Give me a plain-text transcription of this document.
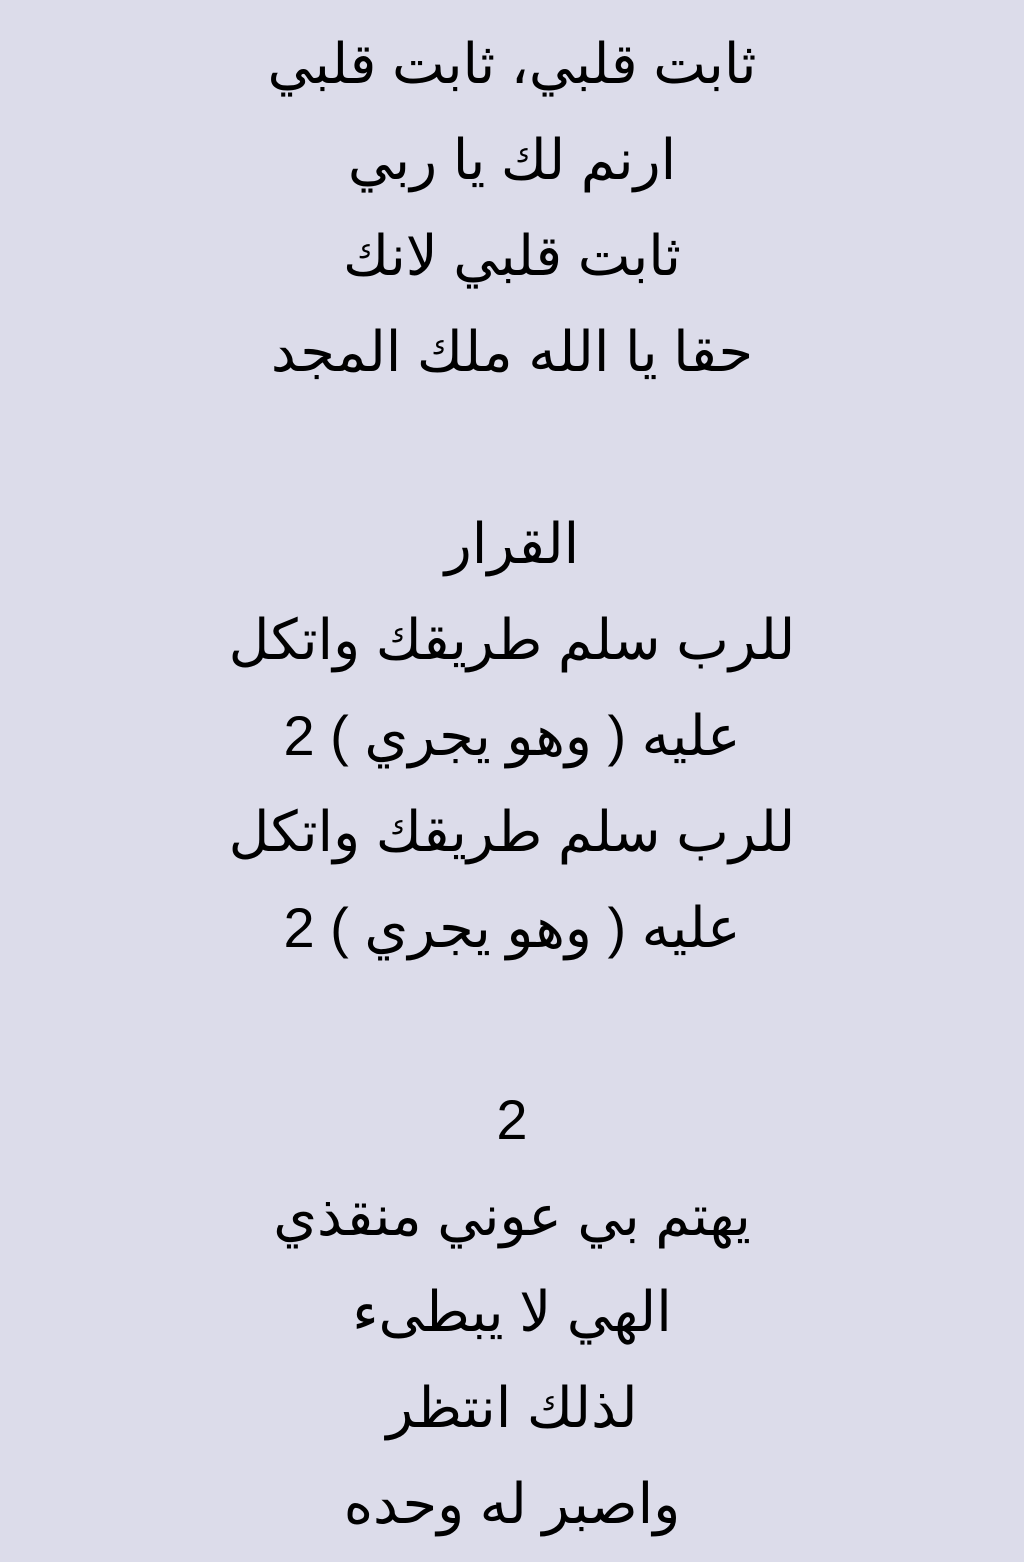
ثابت قلبي، ثابت قلبي
ارنم لك يا ربي
ثابت قلبي لانك
حقا يا الله ملك المجد
القرار
للرب سلم طريقك واتكل
عليه ( وهو يجري ) 2
للرب سلم طريقك واتكل
عليه ( وهو يجري ) 2
2
يهتم بي عوني منقذي
الهي لا يبطىء
لذلك انتظر
واصبر له وحده
